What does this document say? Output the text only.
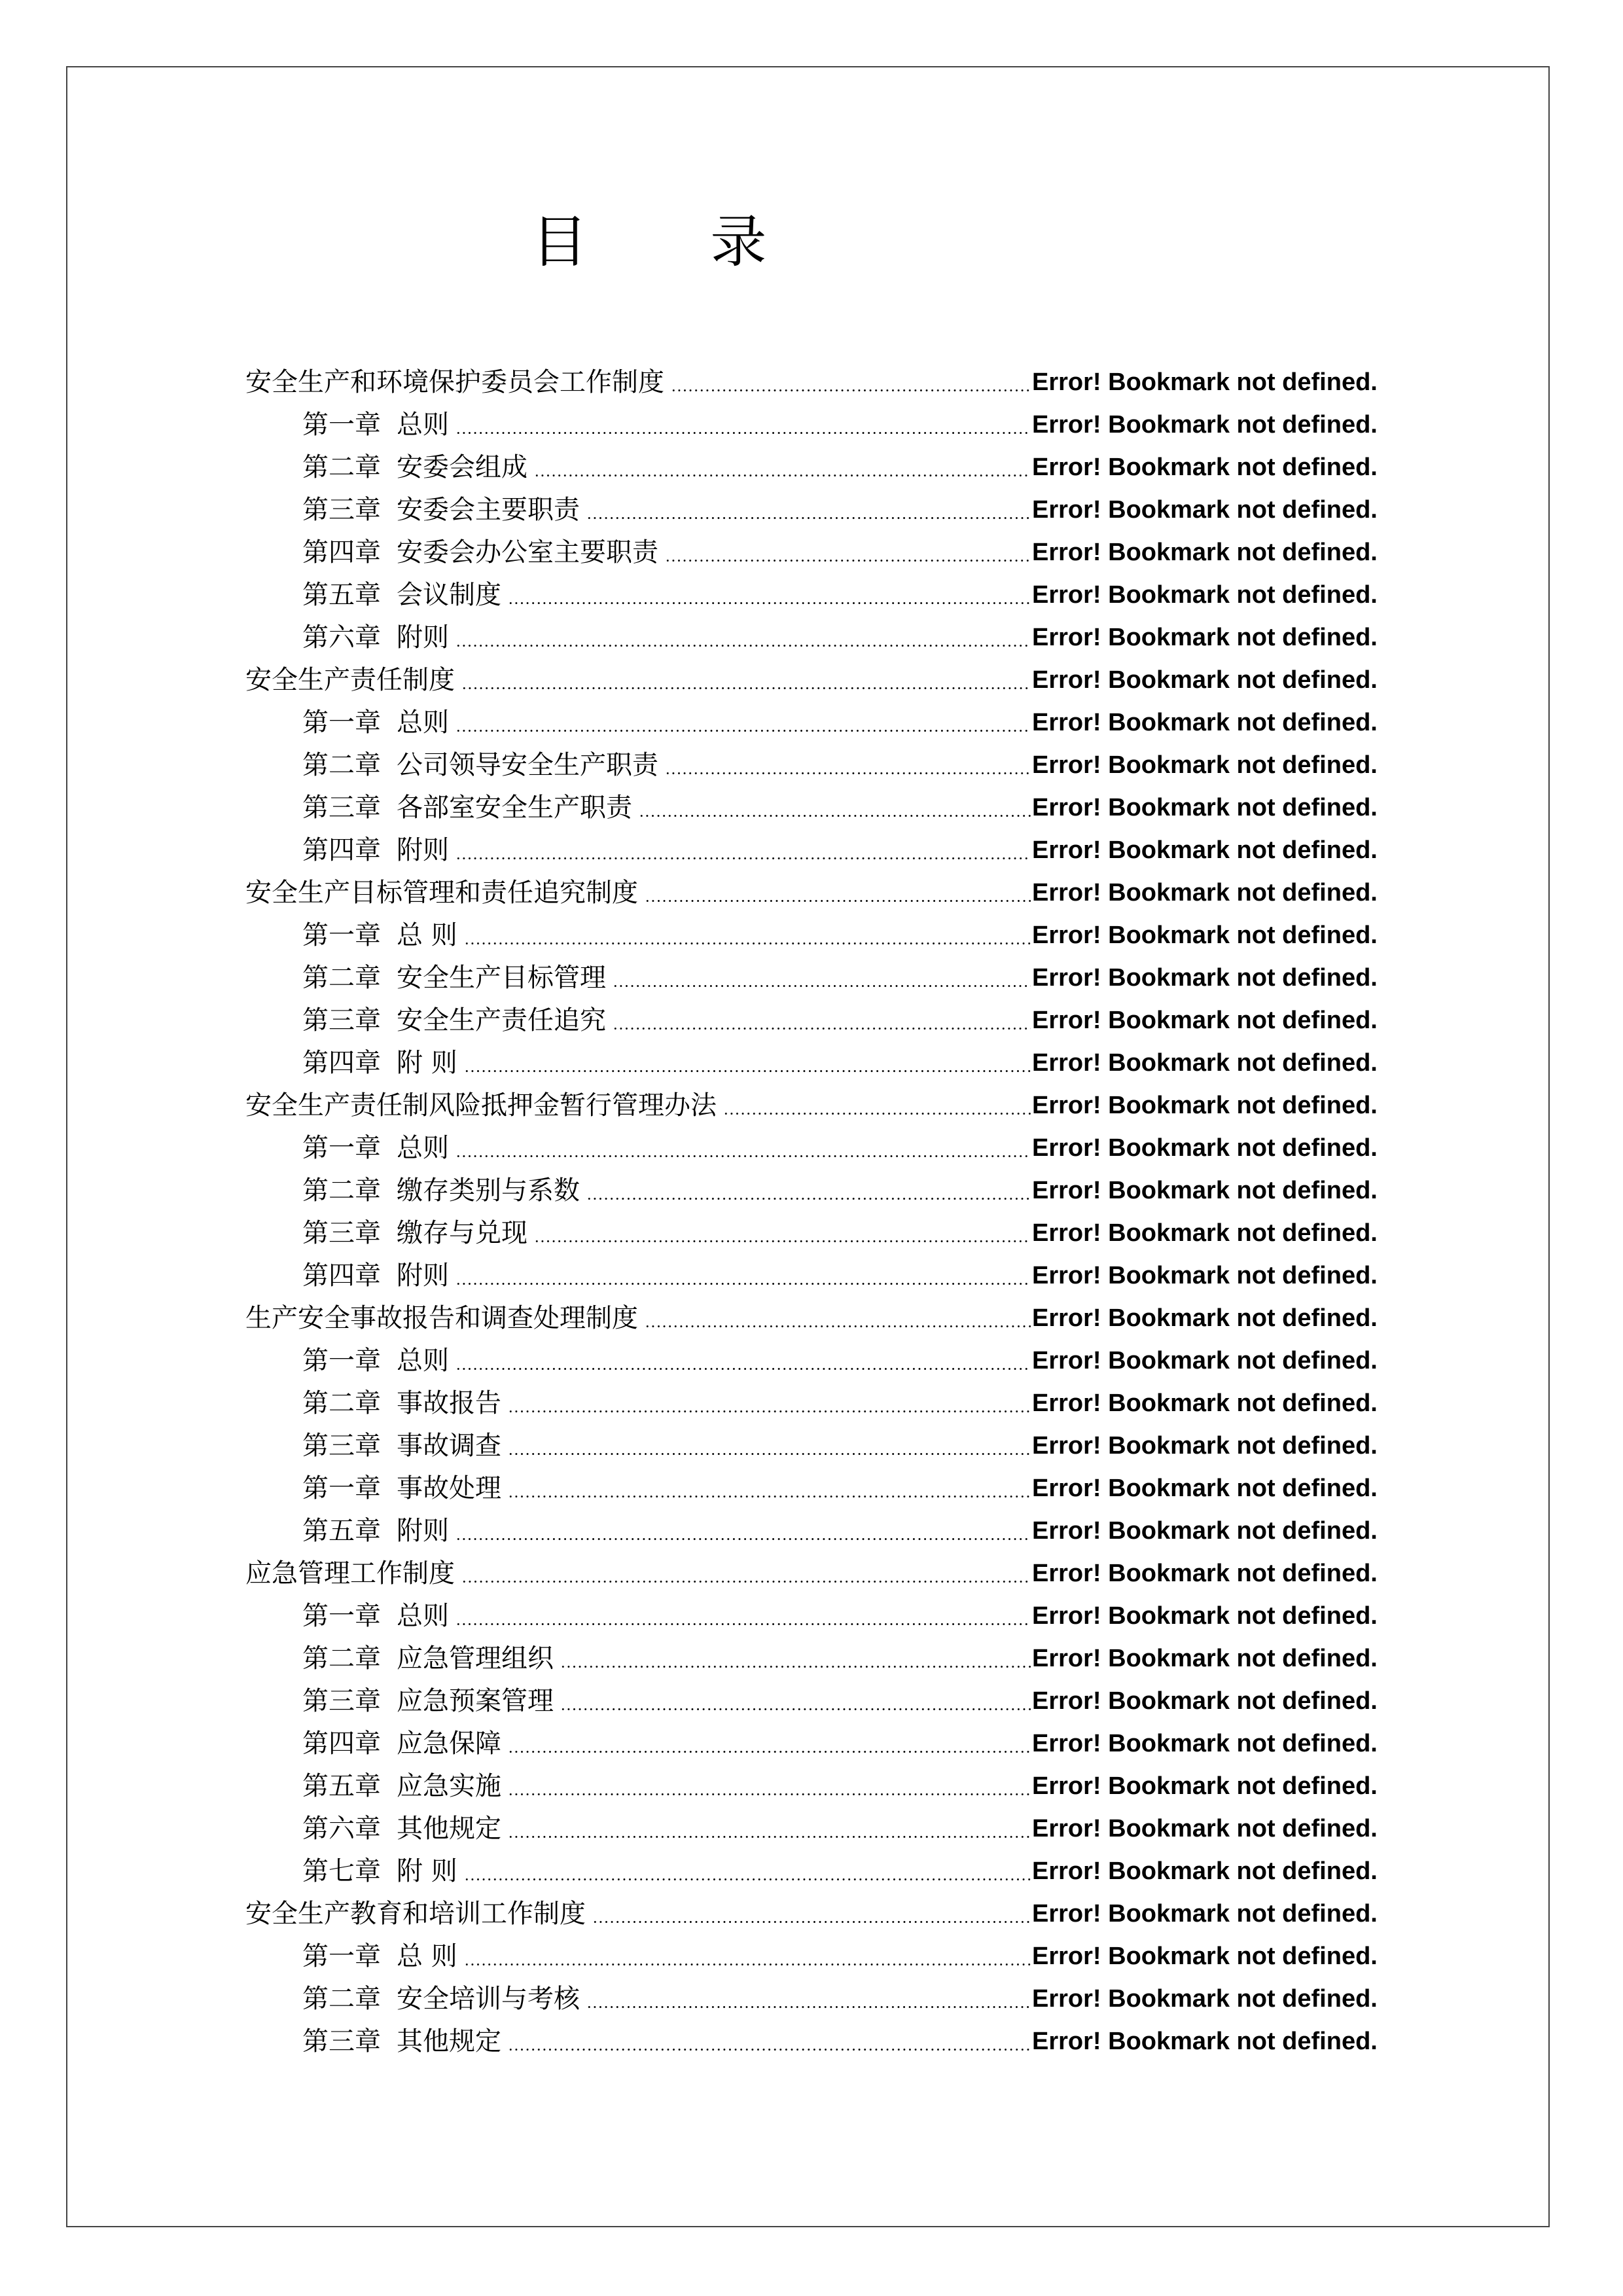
目 录
安全生产和环境保护委员会工作制度	Error! Bookmark not defined.
第一章 总则	Error! Bookmark not defined.
第二章 安委会组成	Error! Bookmark not defined.
第三章 安委会主要职责	Error! Bookmark not defined.
第四章 安委会办公室主要职责	Error! Bookmark not defined.
第五章 会议制度	Error! Bookmark not defined.
第六章 附则	Error! Bookmark not defined.
安全生产责任制度	Error! Bookmark not defined.
第一章 总则	Error! Bookmark not defined.
第二章 公司领导安全生产职责	Error! Bookmark not defined.
第三章 各部室安全生产职责	Error! Bookmark not defined.
第四章 附则	Error! Bookmark not defined.
安全生产目标管理和责任追究制度	Error! Bookmark not defined.
第一章 总 则	Error! Bookmark not defined.
第二章 安全生产目标管理	Error! Bookmark not defined.
第三章 安全生产责任追究	Error! Bookmark not defined.
第四章 附 则	Error! Bookmark not defined.
安全生产责任制风险抵押金暂行管理办法	Error! Bookmark not defined.
第一章 总则	Error! Bookmark not defined.
第二章 缴存类别与系数	Error! Bookmark not defined.
第三章 缴存与兑现	Error! Bookmark not defined.
第四章 附则	Error! Bookmark not defined.
生产安全事故报告和调查处理制度	Error! Bookmark not defined.
第一章 总则	Error! Bookmark not defined.
第二章 事故报告	Error! Bookmark not defined.
第三章 事故调查	Error! Bookmark not defined.
第一章 事故处理	Error! Bookmark not defined.
第五章 附则	Error! Bookmark not defined.
应急管理工作制度	Error! Bookmark not defined.
第一章 总则	Error! Bookmark not defined.
第二章 应急管理组织	Error! Bookmark not defined.
第三章 应急预案管理	Error! Bookmark not defined.
第四章 应急保障	Error! Bookmark not defined.
第五章 应急实施	Error! Bookmark not defined.
第六章 其他规定	Error! Bookmark not defined.
第七章 附 则	Error! Bookmark not defined.
安全生产教育和培训工作制度	Error! Bookmark not defined.
第一章 总 则	Error! Bookmark not defined.
第二章 安全培训与考核	Error! Bookmark not defined.
第三章 其他规定	Error! Bookmark not defined.
